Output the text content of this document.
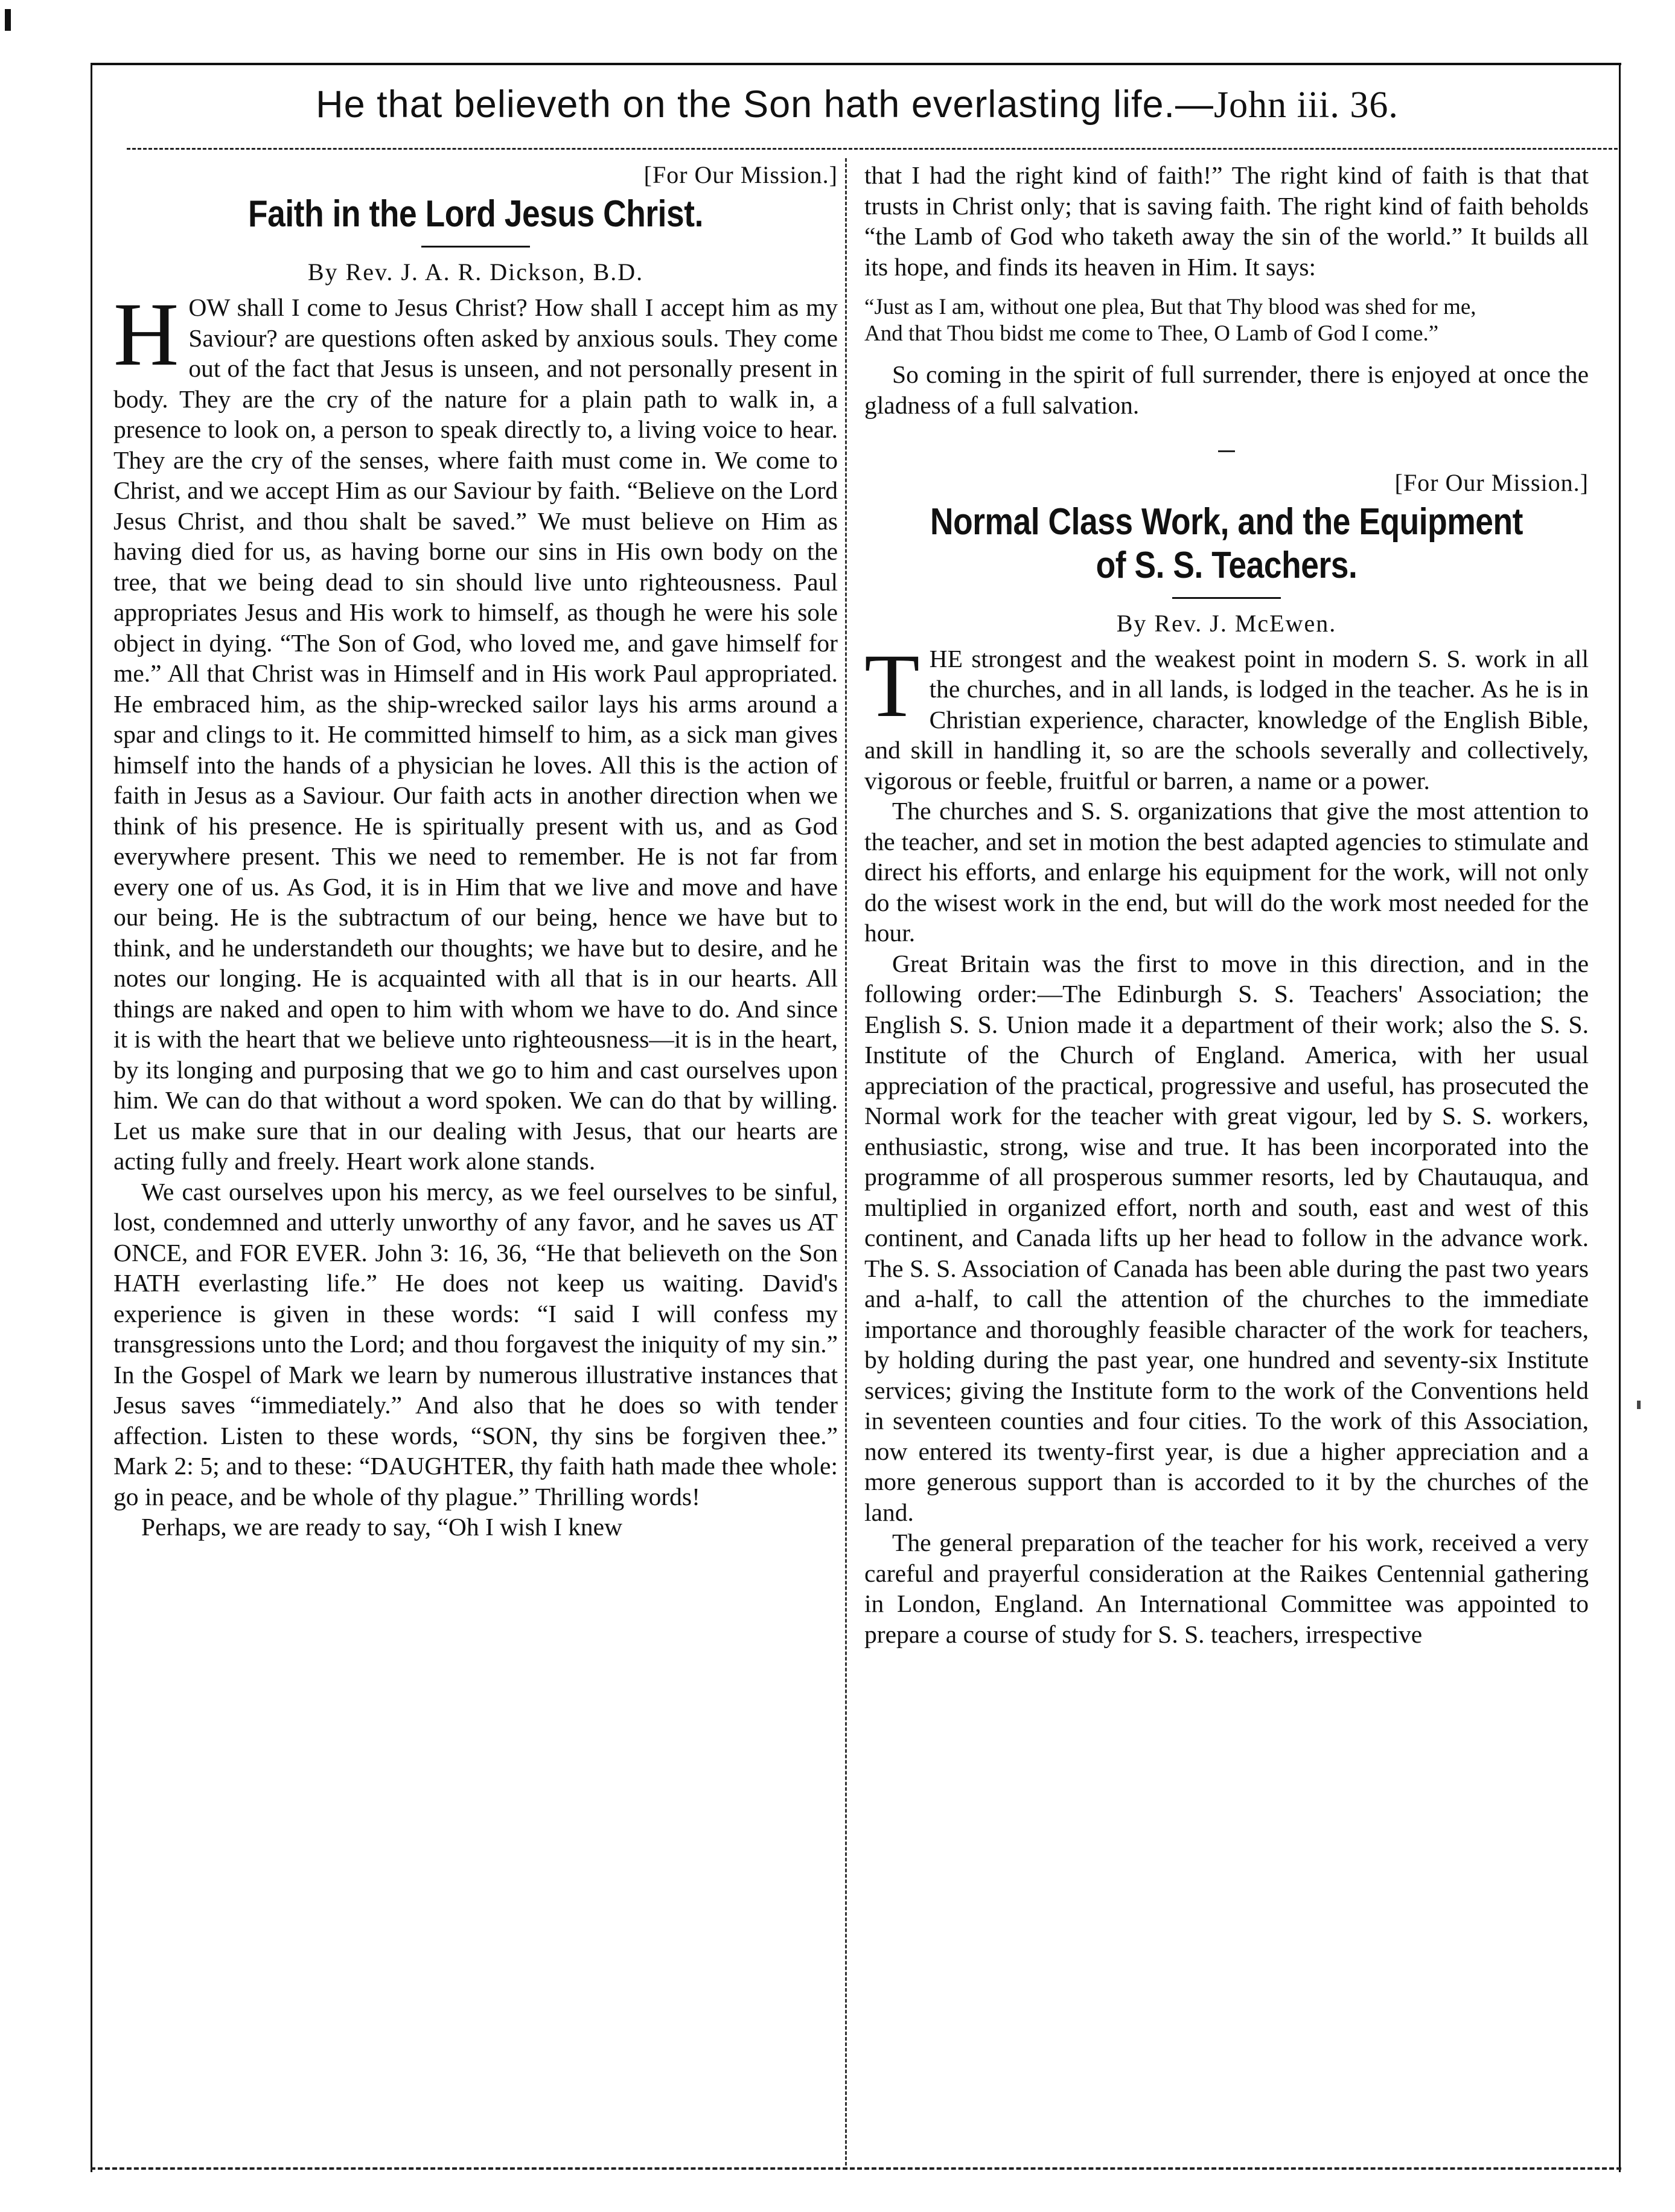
He that believeth on the Son hath everlasting life.—John iii. 36.
[For Our Mission.]
Faith in the Lord Jesus Christ.
By Rev. J. A. R. Dickson, B.D.

HOW shall I come to Jesus Christ? How shall I accept him as my Saviour? are questions often asked by anxious souls. They come out of the fact that Jesus is unseen, and not personally present in body. They are the cry of the nature for a plain path to walk in, a presence to look on, a person to speak directly to, a living voice to hear. They are the cry of the senses, where faith must come in. We come to Christ, and we accept Him as our Saviour by faith. “Believe on the Lord Jesus Christ, and thou shalt be saved.” We must believe on Him as having died for us, as having borne our sins in His own body on the tree, that we being dead to sin should live unto righteousness. Paul appropriates Jesus and His work to himself, as though he were his sole object in dying. “The Son of God, who loved me, and gave himself for me.” All that Christ was in Himself and in His work Paul appropriated. He embraced him, as the ship-wrecked sailor lays his arms around a spar and clings to it. He committed himself to him, as a sick man gives himself into the hands of a physician he loves. All this is the action of faith in Jesus as a Saviour. Our faith acts in another direction when we think of his presence. He is spiritually present with us, and as God everywhere present. This we need to remember. He is not far from every one of us. As God, it is in Him that we live and move and have our being. He is the subtractum of our being, hence we have but to think, and he understandeth our thoughts; we have but to desire, and he notes our longing. He is acquainted with all that is in our hearts. All things are naked and open to him with whom we have to do. And since it is with the heart that we believe unto righteousness—it is in the heart, by its longing and purposing that we go to him and cast ourselves upon him. We can do that without a word spoken. We can do that by willing. Let us make sure that in our dealing with Jesus, that our hearts are acting fully and freely. Heart work alone stands.

We cast ourselves upon his mercy, as we feel ourselves to be sinful, lost, condemned and utterly unworthy of any favor, and he saves us AT ONCE, and FOR EVER. John 3: 16, 36, “He that believeth on the Son HATH everlasting life.” He does not keep us waiting. David's experience is given in these words: “I said I will confess my transgressions unto the Lord; and thou forgavest the iniquity of my sin.” In the Gospel of Mark we learn by numerous illustrative instances that Jesus saves “immediately.” And also that he does so with tender affection. Listen to these words, “SON, thy sins be forgiven thee.” Mark 2: 5; and to these: “DAUGHTER, thy faith hath made thee whole: go in peace, and be whole of thy plague.” Thrilling words!

Perhaps, we are ready to say, “Oh I wish I knew

that I had the right kind of faith!” The right kind of faith is that that trusts in Christ only; that is saving faith. The right kind of faith beholds “the Lamb of God who taketh away the sin of the world.” It builds all its hope, and finds its heaven in Him. It says:

“Just as I am, without one plea, But that Thy blood was shed for me,
And that Thou bidst me come to Thee, O Lamb of God I come.”

So coming in the spirit of full surrender, there is enjoyed at once the gladness of a full salvation.

[For Our Mission.]
Normal Class Work, and the Equipment of S. S. Teachers.
By Rev. J. McEwen.

THE strongest and the weakest point in modern S. S. work in all the churches, and in all lands, is lodged in the teacher. As he is in Christian experience, character, knowledge of the English Bible, and skill in handling it, so are the schools severally and collectively, vigorous or feeble, fruitful or barren, a name or a power.

The churches and S. S. organizations that give the most attention to the teacher, and set in motion the best adapted agencies to stimulate and direct his efforts, and enlarge his equipment for the work, will not only do the wisest work in the end, but will do the work most needed for the hour.

Great Britain was the first to move in this direction, and in the following order:—The Edinburgh S. S. Teachers' Association; the English S. S. Union made it a department of their work; also the S. S. Institute of the Church of England. America, with her usual appreciation of the practical, progressive and useful, has prosecuted the Normal work for the teacher with great vigour, led by S. S. workers, enthusiastic, strong, wise and true. It has been incorporated into the programme of all prosperous summer resorts, led by Chautauqua, and multiplied in organized effort, north and south, east and west of this continent, and Canada lifts up her head to follow in the advance work. The S. S. Association of Canada has been able during the past two years and a-half, to call the attention of the churches to the immediate importance and thoroughly feasible character of the work for teachers, by holding during the past year, one hundred and seventy-six Institute services; giving the Institute form to the work of the Conventions held in seventeen counties and four cities. To the work of this Association, now entered its twenty-first year, is due a higher appreciation and a more generous support than is accorded to it by the churches of the land.

The general preparation of the teacher for his work, received a very careful and prayerful consideration at the Raikes Centennial gathering in London, England. An International Committee was appointed to prepare a course of study for S. S. teachers, irrespective
